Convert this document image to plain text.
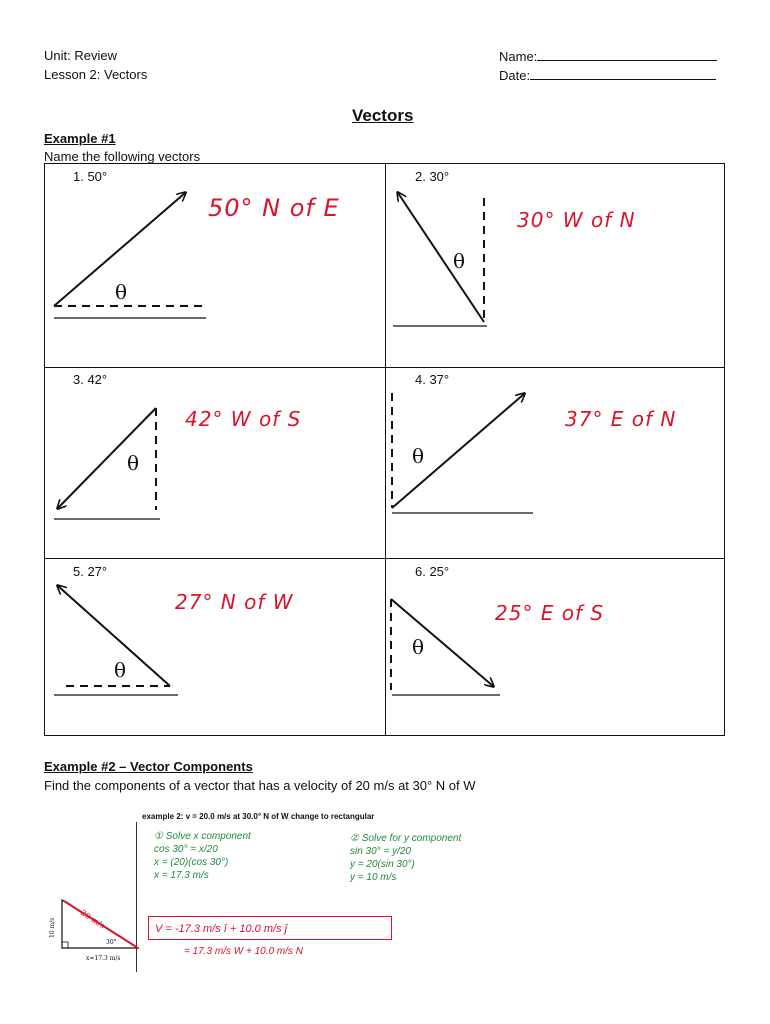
Unit: Review
Lesson 2: Vectors
Name:
Date:
Vectors
Example #1
Name the following vectors
1. 50°	2. 30°
3. 42°	4. 37°
5. 27°	6. 25°
50° N of E	30° W of N
42° W of S	37° E of N
27° N of W	25° E of S
θ
θ
θ	θ
θ
θ
Example #2 – Vector Components
Find the components of a vector that has a velocity of 20 m/s at 30° N of W
example 2: v = 20.0 m/s at 30.0° N of W change to rectangular
① Solve x component
cos 30° = x/20
x = (20)(cos 30°)
x = 17.3 m/s
② Solve for y component
sin 30° = y/20
y = 20(sin 30°)
y = 10 m/s
V = -17.3 m/s î + 10.0 m/s ĵ
= 17.3 m/s W + 10.0 m/s N
20 m/s
30°
10 m/s
x=17.3 m/s
